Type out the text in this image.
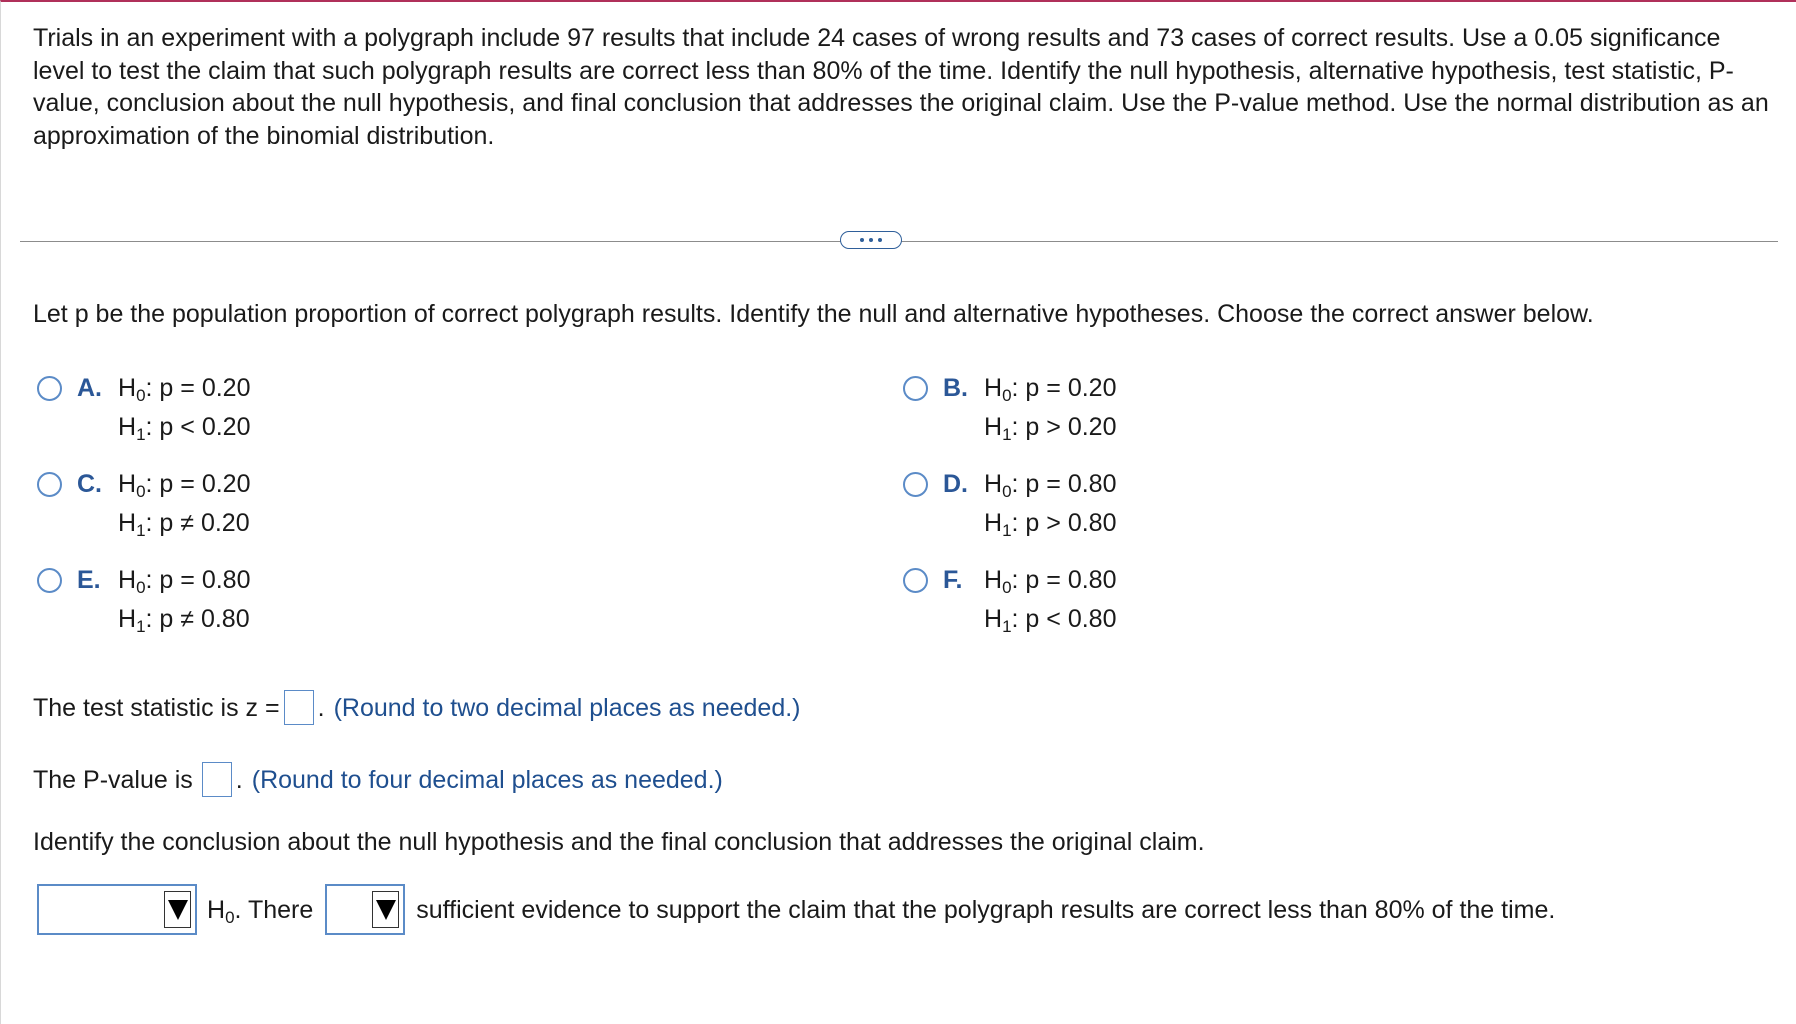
Trials in an experiment with a polygraph include 97 results that include 24 cases of wrong results and 73 cases of correct results. Use a 0.05 significance level to test the claim that such polygraph results are correct less than 80% of the time. Identify the null hypothesis, alternative hypothesis, test statistic, P-value, conclusion about the null hypothesis, and final conclusion that addresses the original claim. Use the P-value method. Use the normal distribution as an approximation of the binomial distribution.
Let p be the population proportion of correct polygraph results. Identify the null and alternative hypotheses. Choose the correct answer below.
A. $H_0$: p = 0.20
$H_1$: p < 0.20
B. $H_0$: p = 0.20
$H_1$: p > 0.20
C. $H_0$: p = 0.20
$H_1$: p ≠ 0.20
D. $H_0$: p = 0.80
$H_1$: p > 0.80
E. $H_0$: p = 0.80
$H_1$: p ≠ 0.80
F. $H_0$: p = 0.80
$H_1$: p < 0.80
The test statistic is z = . (Round to two decimal places as needed.)
The P-value is . (Round to four decimal places as needed.)
Identify the conclusion about the null hypothesis and the final conclusion that addresses the original claim.
$H_0$. There	sufficient evidence to support the claim that the polygraph results are correct less than 80% of the time.
